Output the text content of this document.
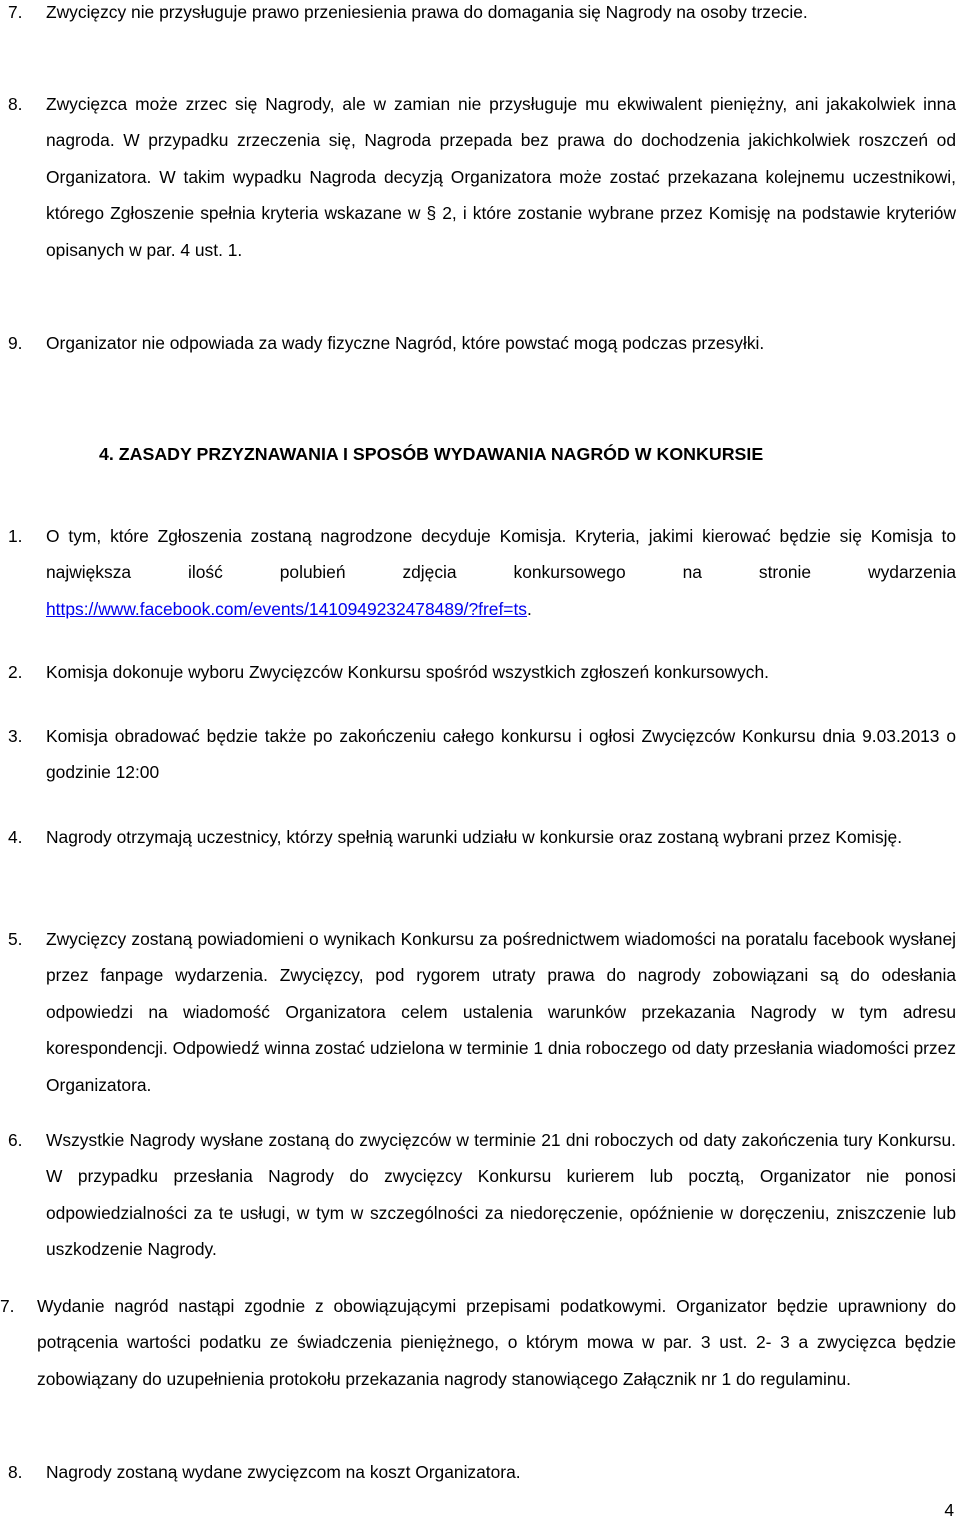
7. Zwycięzcy nie przysługuje prawo przeniesienia prawa do domagania się Nagrody na osoby trzecie.
8. Zwycięzca może zrzec się Nagrody, ale w zamian nie przysługuje mu ekwiwalent pieniężny, ani jakakolwiek inna nagroda. W przypadku zrzeczenia się, Nagroda przepada bez prawa do dochodzenia jakichkolwiek roszczeń od Organizatora. W takim wypadku Nagroda decyzją Organizatora może zostać przekazana kolejnemu uczestnikowi, którego Zgłoszenie spełnia kryteria wskazane w § 2, i które zostanie wybrane przez Komisję na podstawie kryteriów opisanych w par. 4 ust. 1.
9. Organizator nie odpowiada za wady fizyczne Nagród, które powstać mogą podczas przesyłki.
4. ZASADY PRZYZNAWANIA I SPOSÓB WYDAWANIA NAGRÓD W KONKURSIE
1. O tym, które Zgłoszenia zostaną nagrodzone decyduje Komisja. Kryteria, jakimi kierować będzie się Komisja to największa ilość polubień zdjęcia konkursowego na stronie wydarzenia https://www.facebook.com/events/141094923247848​9/?fref=ts.
2. Komisja dokonuje wyboru Zwycięzców Konkursu spośród wszystkich zgłoszeń konkursowych.
3. Komisja obradować będzie także po zakończeniu całego konkursu i ogłosi Zwycięzców Konkursu dnia 9.03.2013 o godzinie 12:00
4. Nagrody otrzymają uczestnicy, którzy spełnią warunki udziału w konkursie oraz zostaną wybrani przez Komisję.
5. Zwycięzcy zostaną powiadomieni o wynikach Konkursu za pośrednictwem wiadomości na poratalu facebook wysłanej przez fanpage wydarzenia. Zwycięzcy, pod rygorem utraty prawa do nagrody zobowiązani są do odesłania odpowiedzi na wiadomość Organizatora celem ustalenia warunków przekazania Nagrody w tym adresu korespondencji. Odpowiedź winna zostać udzielona w terminie 1 dnia roboczego od daty przesłania wiadomości przez Organizatora.
6. Wszystkie Nagrody wysłane zostaną do zwycięzców w terminie 21 dni roboczych od daty zakończenia tury Konkursu. W przypadku przesłania Nagrody do zwycięzcy Konkursu kurierem lub pocztą, Organizator nie ponosi odpowiedzialności za te usługi, w tym w szczególności za niedoręczenie, opóźnienie w doręczeniu, zniszczenie lub uszkodzenie Nagrody.
7. Wydanie nagród nastąpi zgodnie z obowiązującymi przepisami podatkowymi. Organizator będzie uprawniony do potrącenia wartości podatku ze świadczenia pieniężnego, o którym mowa w par. 3 ust. 2- 3 a zwycięzca będzie zobowiązany do uzupełnienia protokołu przekazania nagrody stanowiącego Załącznik nr 1 do regulaminu.
8. Nagrody zostaną wydane zwycięzcom na koszt Organizatora.
4
